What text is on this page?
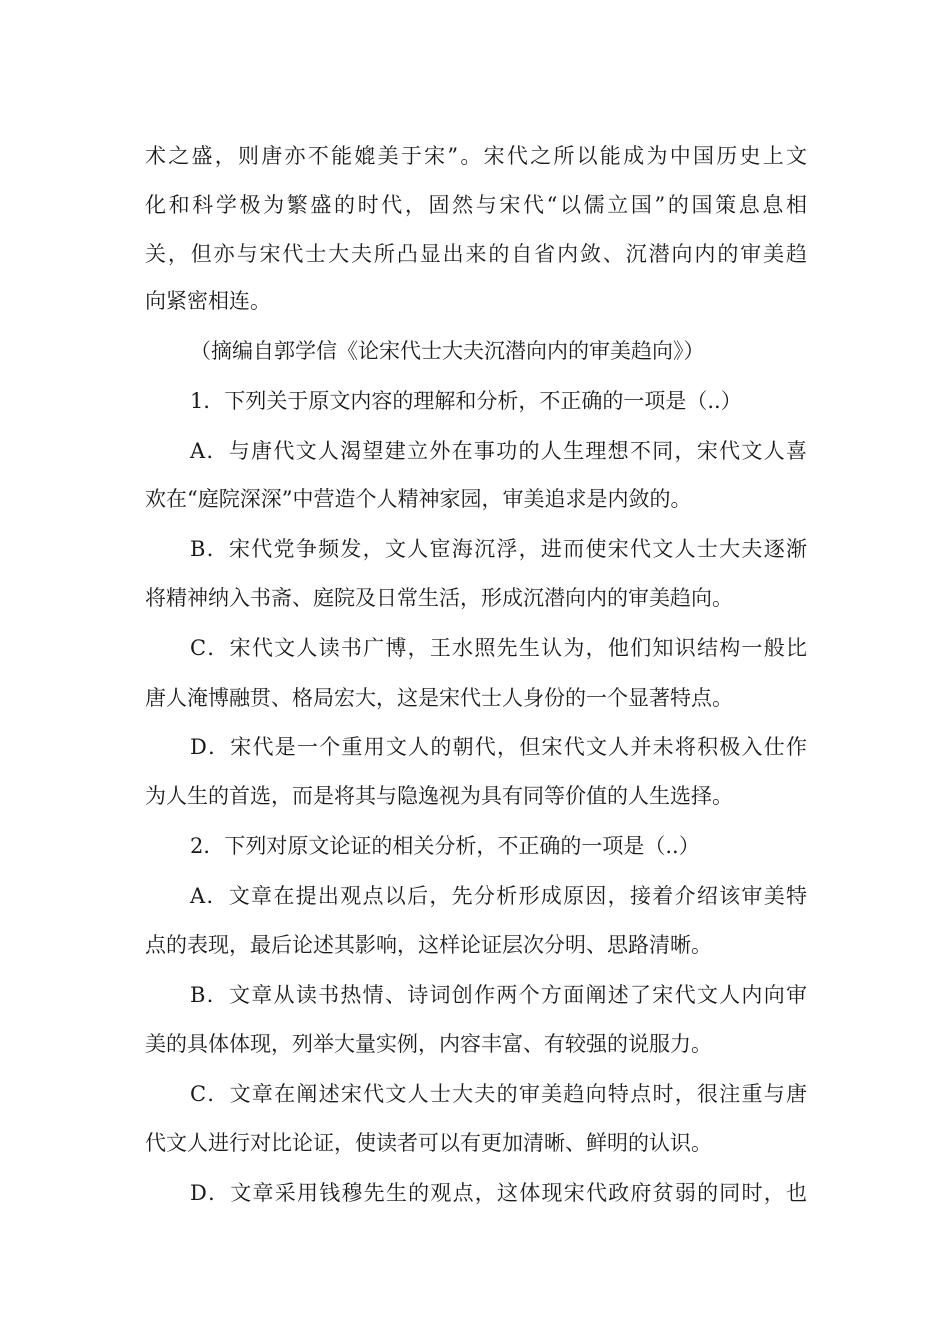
术之盛，则唐亦不能媲美于宋”。宋代之所以能成为中国历史上文
化和科学极为繁盛的时代，固然与宋代“以儒立国”的国策息息相
关，但亦与宋代士大夫所凸显出来的自省内敛、沉潜向内的审美趋
向紧密相连。
（摘编自郭学信《论宋代士大夫沉潜向内的审美趋向》）
1．下列关于原文内容的理解和分析，不正确的一项是（..）
A．与唐代文人渴望建立外在事功的人生理想不同，宋代文人喜
欢在“庭院深深”中营造个人精神家园，审美追求是内敛的。
B．宋代党争频发，文人宦海沉浮，进而使宋代文人士大夫逐渐
将精神纳入书斋、庭院及日常生活，形成沉潜向内的审美趋向。
C．宋代文人读书广博，王水照先生认为，他们知识结构一般比
唐人淹博融贯、格局宏大，这是宋代士人身份的一个显著特点。
D．宋代是一个重用文人的朝代，但宋代文人并未将积极入仕作
为人生的首选，而是将其与隐逸视为具有同等价值的人生选择。
2．下列对原文论证的相关分析，不正确的一项是（..）
A．文章在提出观点以后，先分析形成原因，接着介绍该审美特
点的表现，最后论述其影响，这样论证层次分明、思路清晰。
B．文章从读书热情、诗词创作两个方面阐述了宋代文人内向审
美的具体体现，列举大量实例，内容丰富、有较强的说服力。
C．文章在阐述宋代文人士大夫的审美趋向特点时，很注重与唐
代文人进行对比论证，使读者可以有更加清晰、鲜明的认识。
D．文章采用钱穆先生的观点，这体现宋代政府贫弱的同时，也
